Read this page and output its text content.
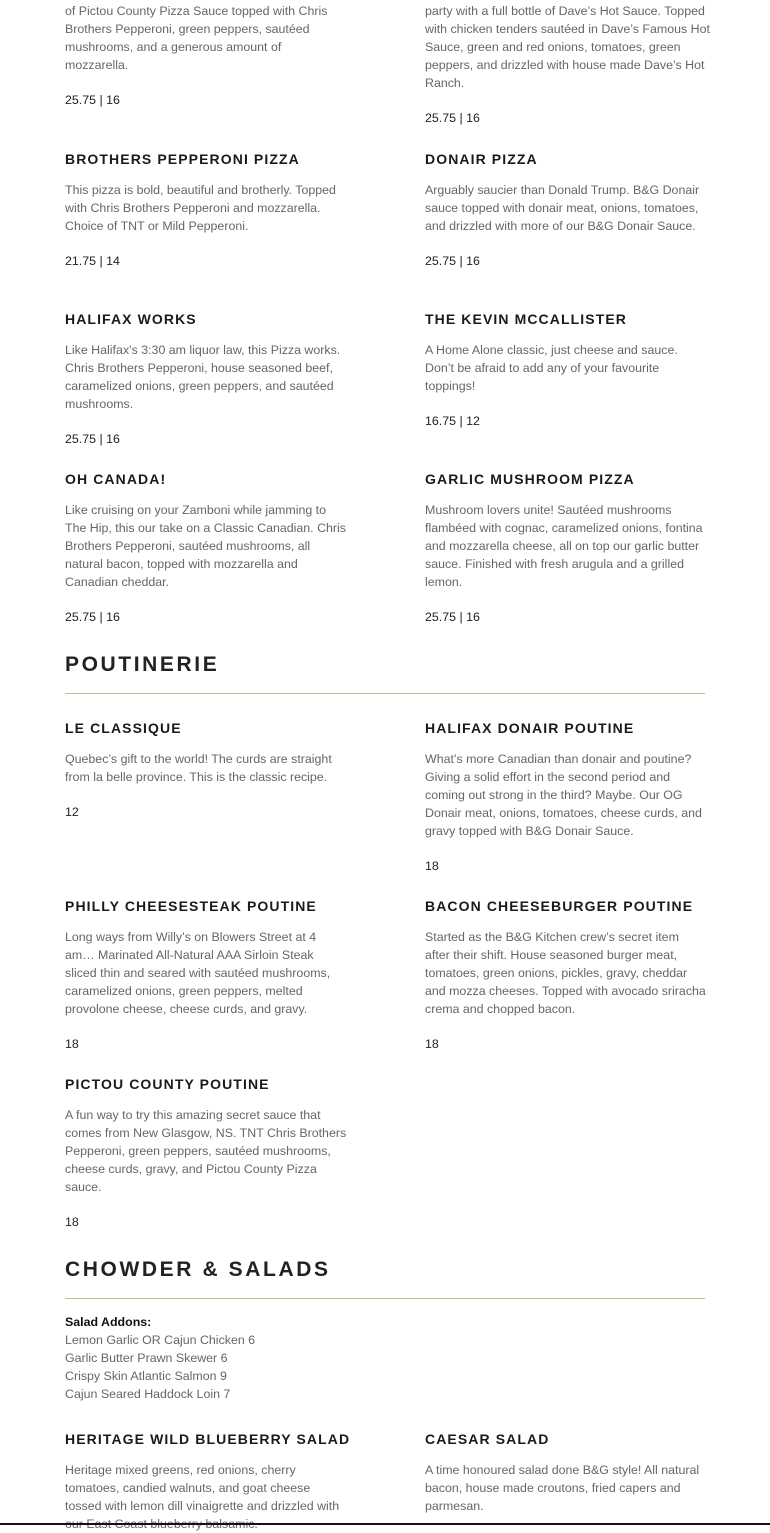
of Pictou County Pizza Sauce topped with Chris Brothers Pepperoni, green peppers, sautéed mushrooms, and a generous amount of mozzarella.
25.75 | 16
party with a full bottle of Dave’s Hot Sauce. Topped with chicken tenders sautéed in Dave’s Famous Hot Sauce, green and red onions, tomatoes, green peppers, and drizzled with house made Dave’s Hot Ranch.
25.75 | 16
BROTHERS PEPPERONI PIZZA

This pizza is bold, beautiful and brotherly. Topped with Chris Brothers Pepperoni and mozzarella. Choice of TNT or Mild Pepperoni.

21.75 | 14
DONAIR PIZZA

Arguably saucier than Donald Trump. B&G Donair sauce topped with donair meat, onions, tomatoes, and drizzled with more of our B&G Donair Sauce.

25.75 | 16
HALIFAX WORKS

Like Halifax’s 3:30 am liquor law, this Pizza works. Chris Brothers Pepperoni, house seasoned beef, caramelized onions, green peppers, and sautéed mushrooms.

25.75 | 16
THE KEVIN MCCALLISTER

A Home Alone classic, just cheese and sauce. Don’t be afraid to add any of your favourite toppings!

16.75 | 12
OH CANADA!

Like cruising on your Zamboni while jamming to The Hip, this our take on a Classic Canadian. Chris Brothers Pepperoni, sautéed mushrooms, all natural bacon, topped with mozzarella and Canadian cheddar.

25.75 | 16
GARLIC MUSHROOM PIZZA

Mushroom lovers unite! Sautéed mushrooms flambéed with cognac, caramelized onions, fontina and mozzarella cheese, all on top our garlic butter sauce. Finished with fresh arugula and a grilled lemon.

25.75 | 16
POUTINERIE
LE CLASSIQUE

Quebec’s gift to the world! The curds are straight from la belle province. This is the classic recipe.

12
HALIFAX DONAIR POUTINE

What’s more Canadian than donair and poutine? Giving a solid effort in the second period and coming out strong in the third? Maybe. Our OG Donair meat, onions, tomatoes, cheese curds, and gravy topped with B&G Donair Sauce.

18
PHILLY CHEESESTEAK POUTINE

Long ways from Willy’s on Blowers Street at 4 am… Marinated All-Natural AAA Sirloin Steak sliced thin and seared with sautéed mushrooms, caramelized onions, green peppers, melted provolone cheese, cheese curds, and gravy.

18
BACON CHEESEBURGER POUTINE

Started as the B&G Kitchen crew’s secret item after their shift. House seasoned burger meat, tomatoes, green onions, pickles, gravy, cheddar and mozza cheeses. Topped with avocado sriracha crema and chopped bacon.

18
PICTOU COUNTY POUTINE

A fun way to try this amazing secret sauce that comes from New Glasgow, NS. TNT Chris Brothers Pepperoni, green peppers, sautéed mushrooms, cheese curds, gravy, and Pictou County Pizza sauce.

18
CHOWDER & SALADS
Salad Addons:
Lemon Garlic OR Cajun Chicken 6
Garlic Butter Prawn Skewer 6
Crispy Skin Atlantic Salmon 9
Cajun Seared Haddock Loin 7
HERITAGE WILD BLUEBERRY SALAD

Heritage mixed greens, red onions, cherry tomatoes, candied walnuts, and goat cheese tossed with lemon dill vinaigrette and drizzled with

CAESAR SALAD

A time honoured salad done B&G style! All natural bacon, house made croutons, fried capers and parmesan.
